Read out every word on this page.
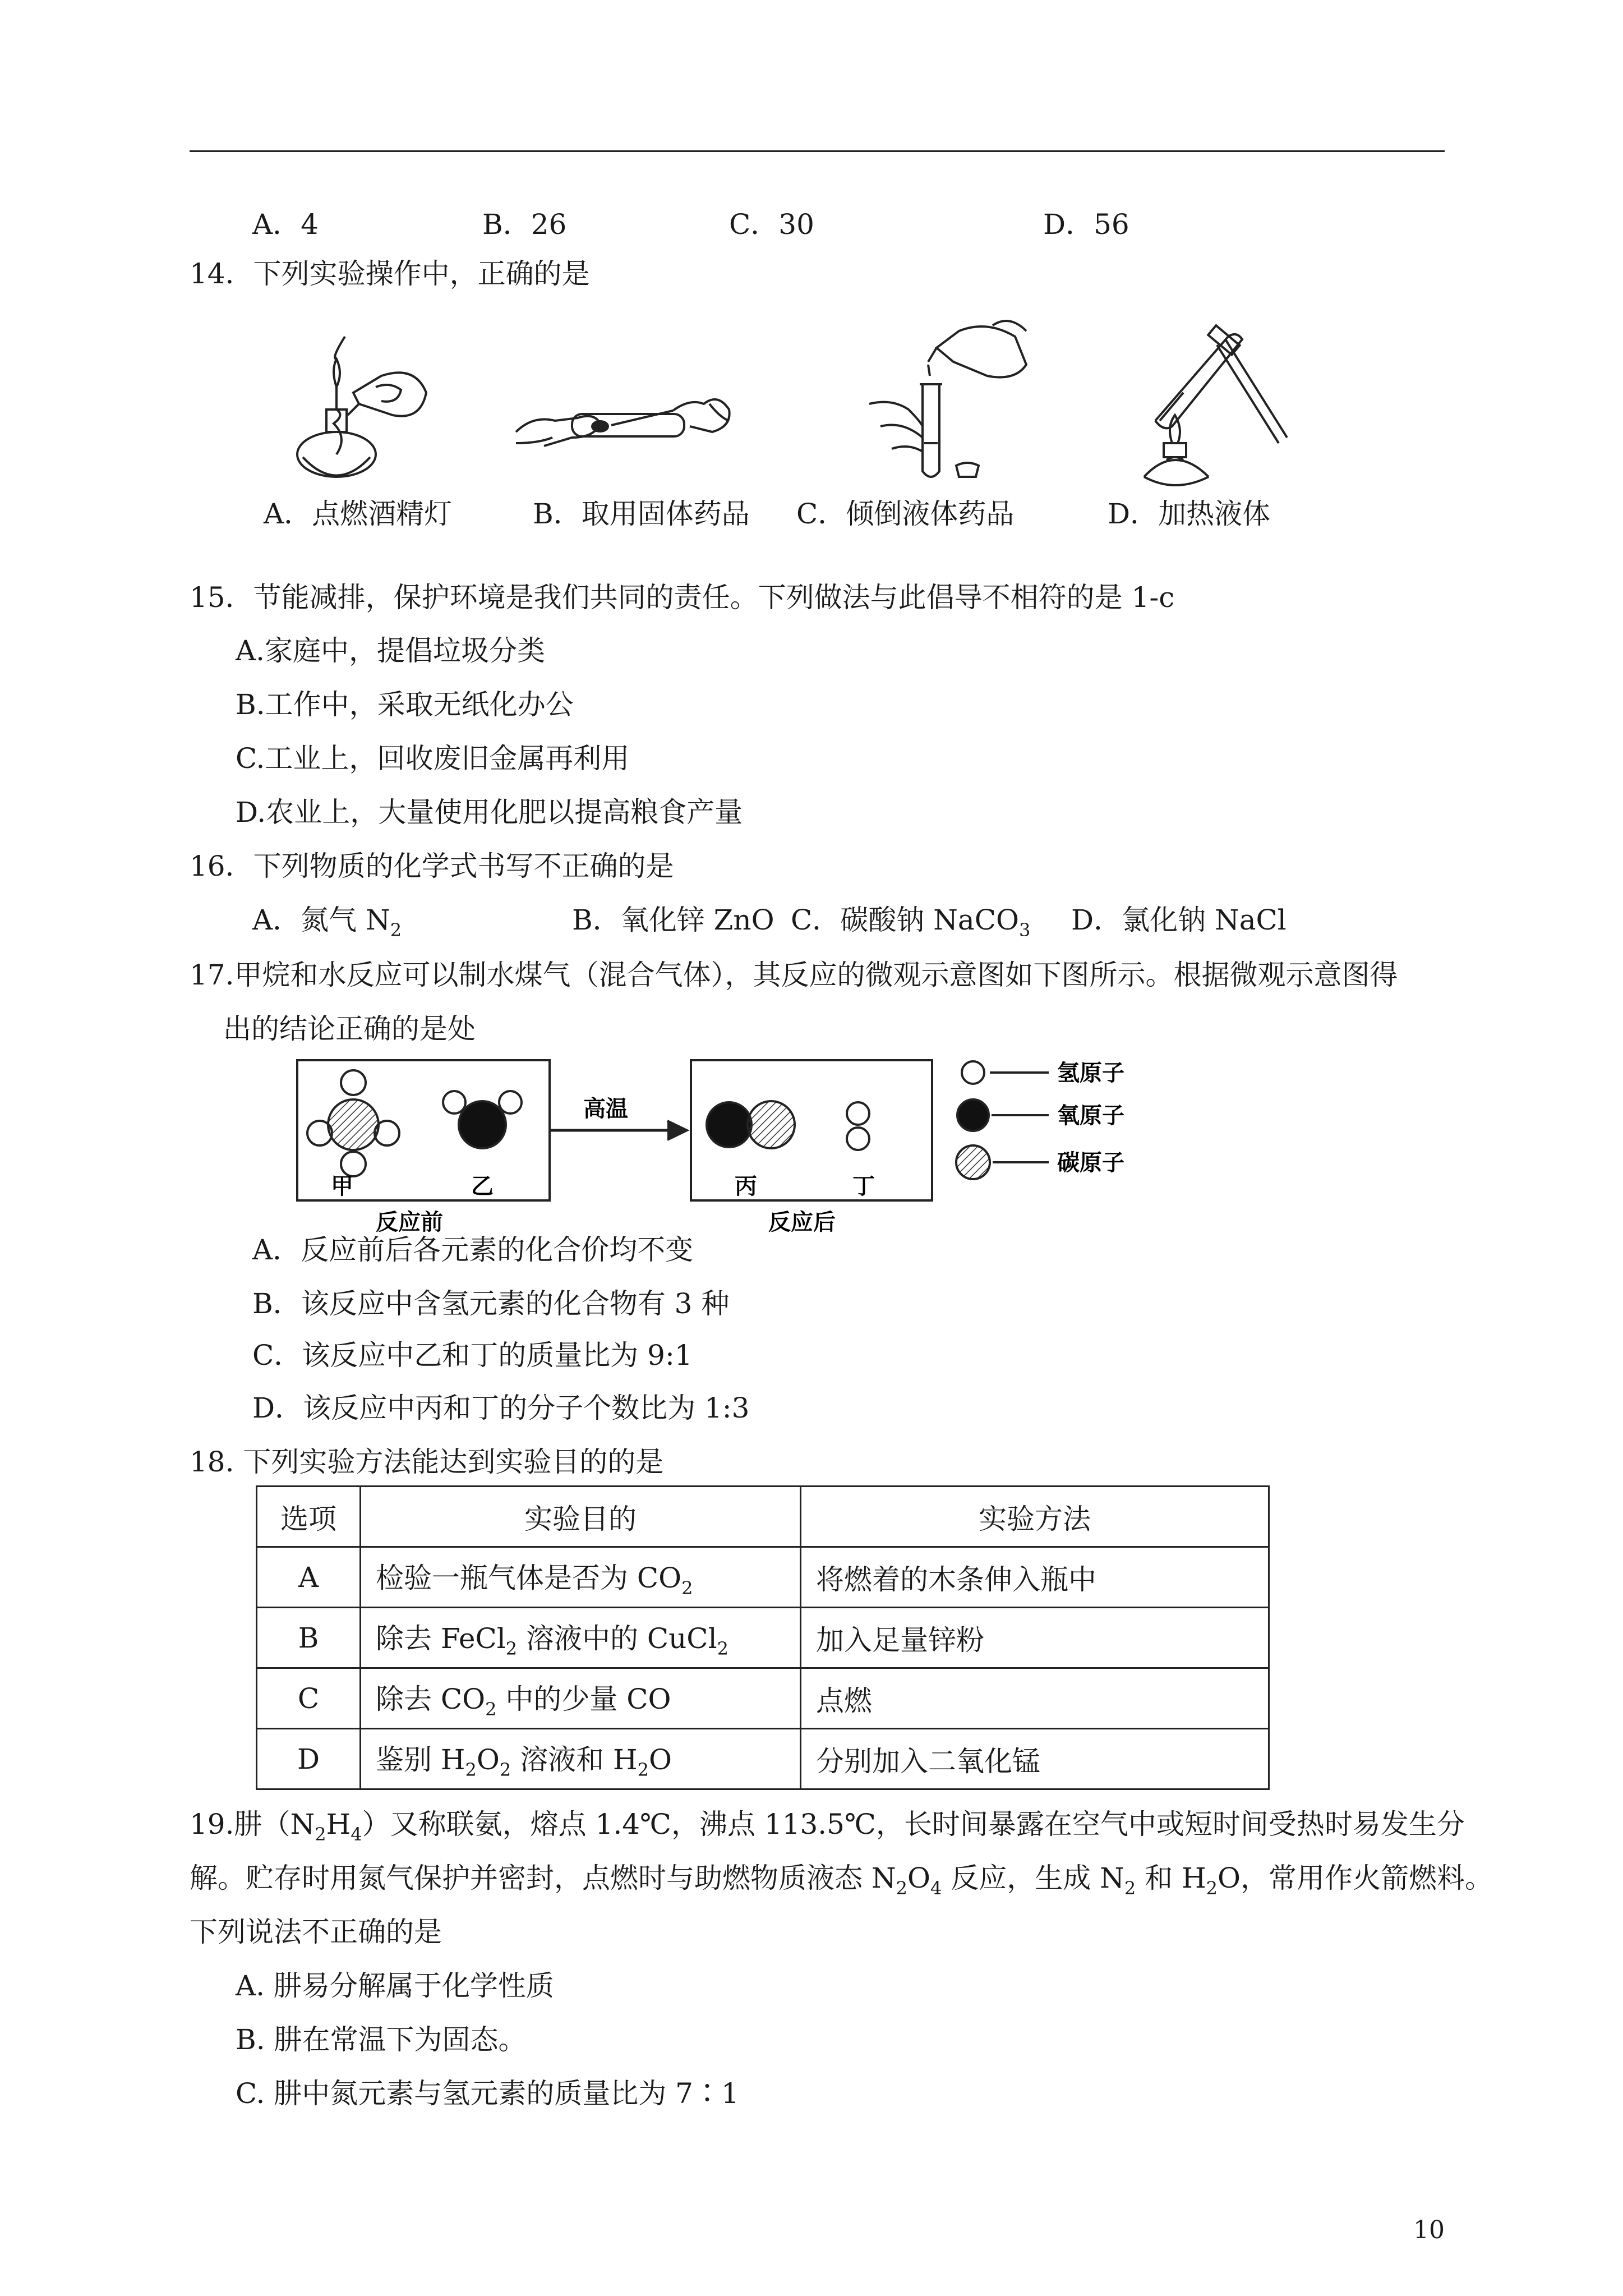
A．4	B．26	C．30	D．56
14．下列实验操作中，正确的是
A．点燃酒精灯	B．取用固体药品 C．倾倒液体药品	D．加热液体
15．节能减排，保护环境是我们共同的责任。下列做法与此倡导不相符的是 1-c
A.家庭中，提倡垃圾分类
B.工作中，采取无纸化办公
C.工业上，回收废旧金属再利用
D.农业上，大量使用化肥以提高粮食产量
16．下列物质的化学式书写不正确的是
A．氮气 $N_2$	B．氧化锌 ZnO C．碳酸钠 NaCO$_3$ D．氯化钠 NaCl
17.甲烷和水反应可以制水煤气（混合气体），其反应的微观示意图如下图所示。根据微观示意图得
出的结论正确的是处
甲	乙	丙	丁
高温
反应前	反应后
氢原子
氧原子
碳原子
A．反应前后各元素的化合价均不变
B．该反应中含氢元素的化合物有 3 种
C．该反应中乙和丁的质量比为 9:1
D．该反应中丙和丁的分子个数比为 1:3
18. 下列实验方法能达到实验目的的是
选项	实验目的	实验方法
A	检验一瓶气体是否为 $CO_2$	将燃着的木条伸入瓶中
B	除去 FeCl$_2$ 溶液中的 CuCl$_2$	加入足量锌粉
C	除去 $CO_2$ 中的少量 CO	点燃
D	鉴别 $H_2O_2$ 溶液和 $H_2O$	分别加入二氧化锰
19.肼$(N_2H_4)$又称联氨，熔点 1.4℃，沸点 113.5℃，长时间暴露在空气中或短时间受热时易发生分
解。贮存时用氮气保护并密封，点燃时与助燃物质液态 $N_2O_4$ 反应，生成 $N_2$ 和 $H_2O$，常用作火箭燃料。
下列说法不正确的是
A. 肼易分解属于化学性质
B. 肼在常温下为固态。
C. 肼中氮元素与氢元素的质量比为 7∶1
10
